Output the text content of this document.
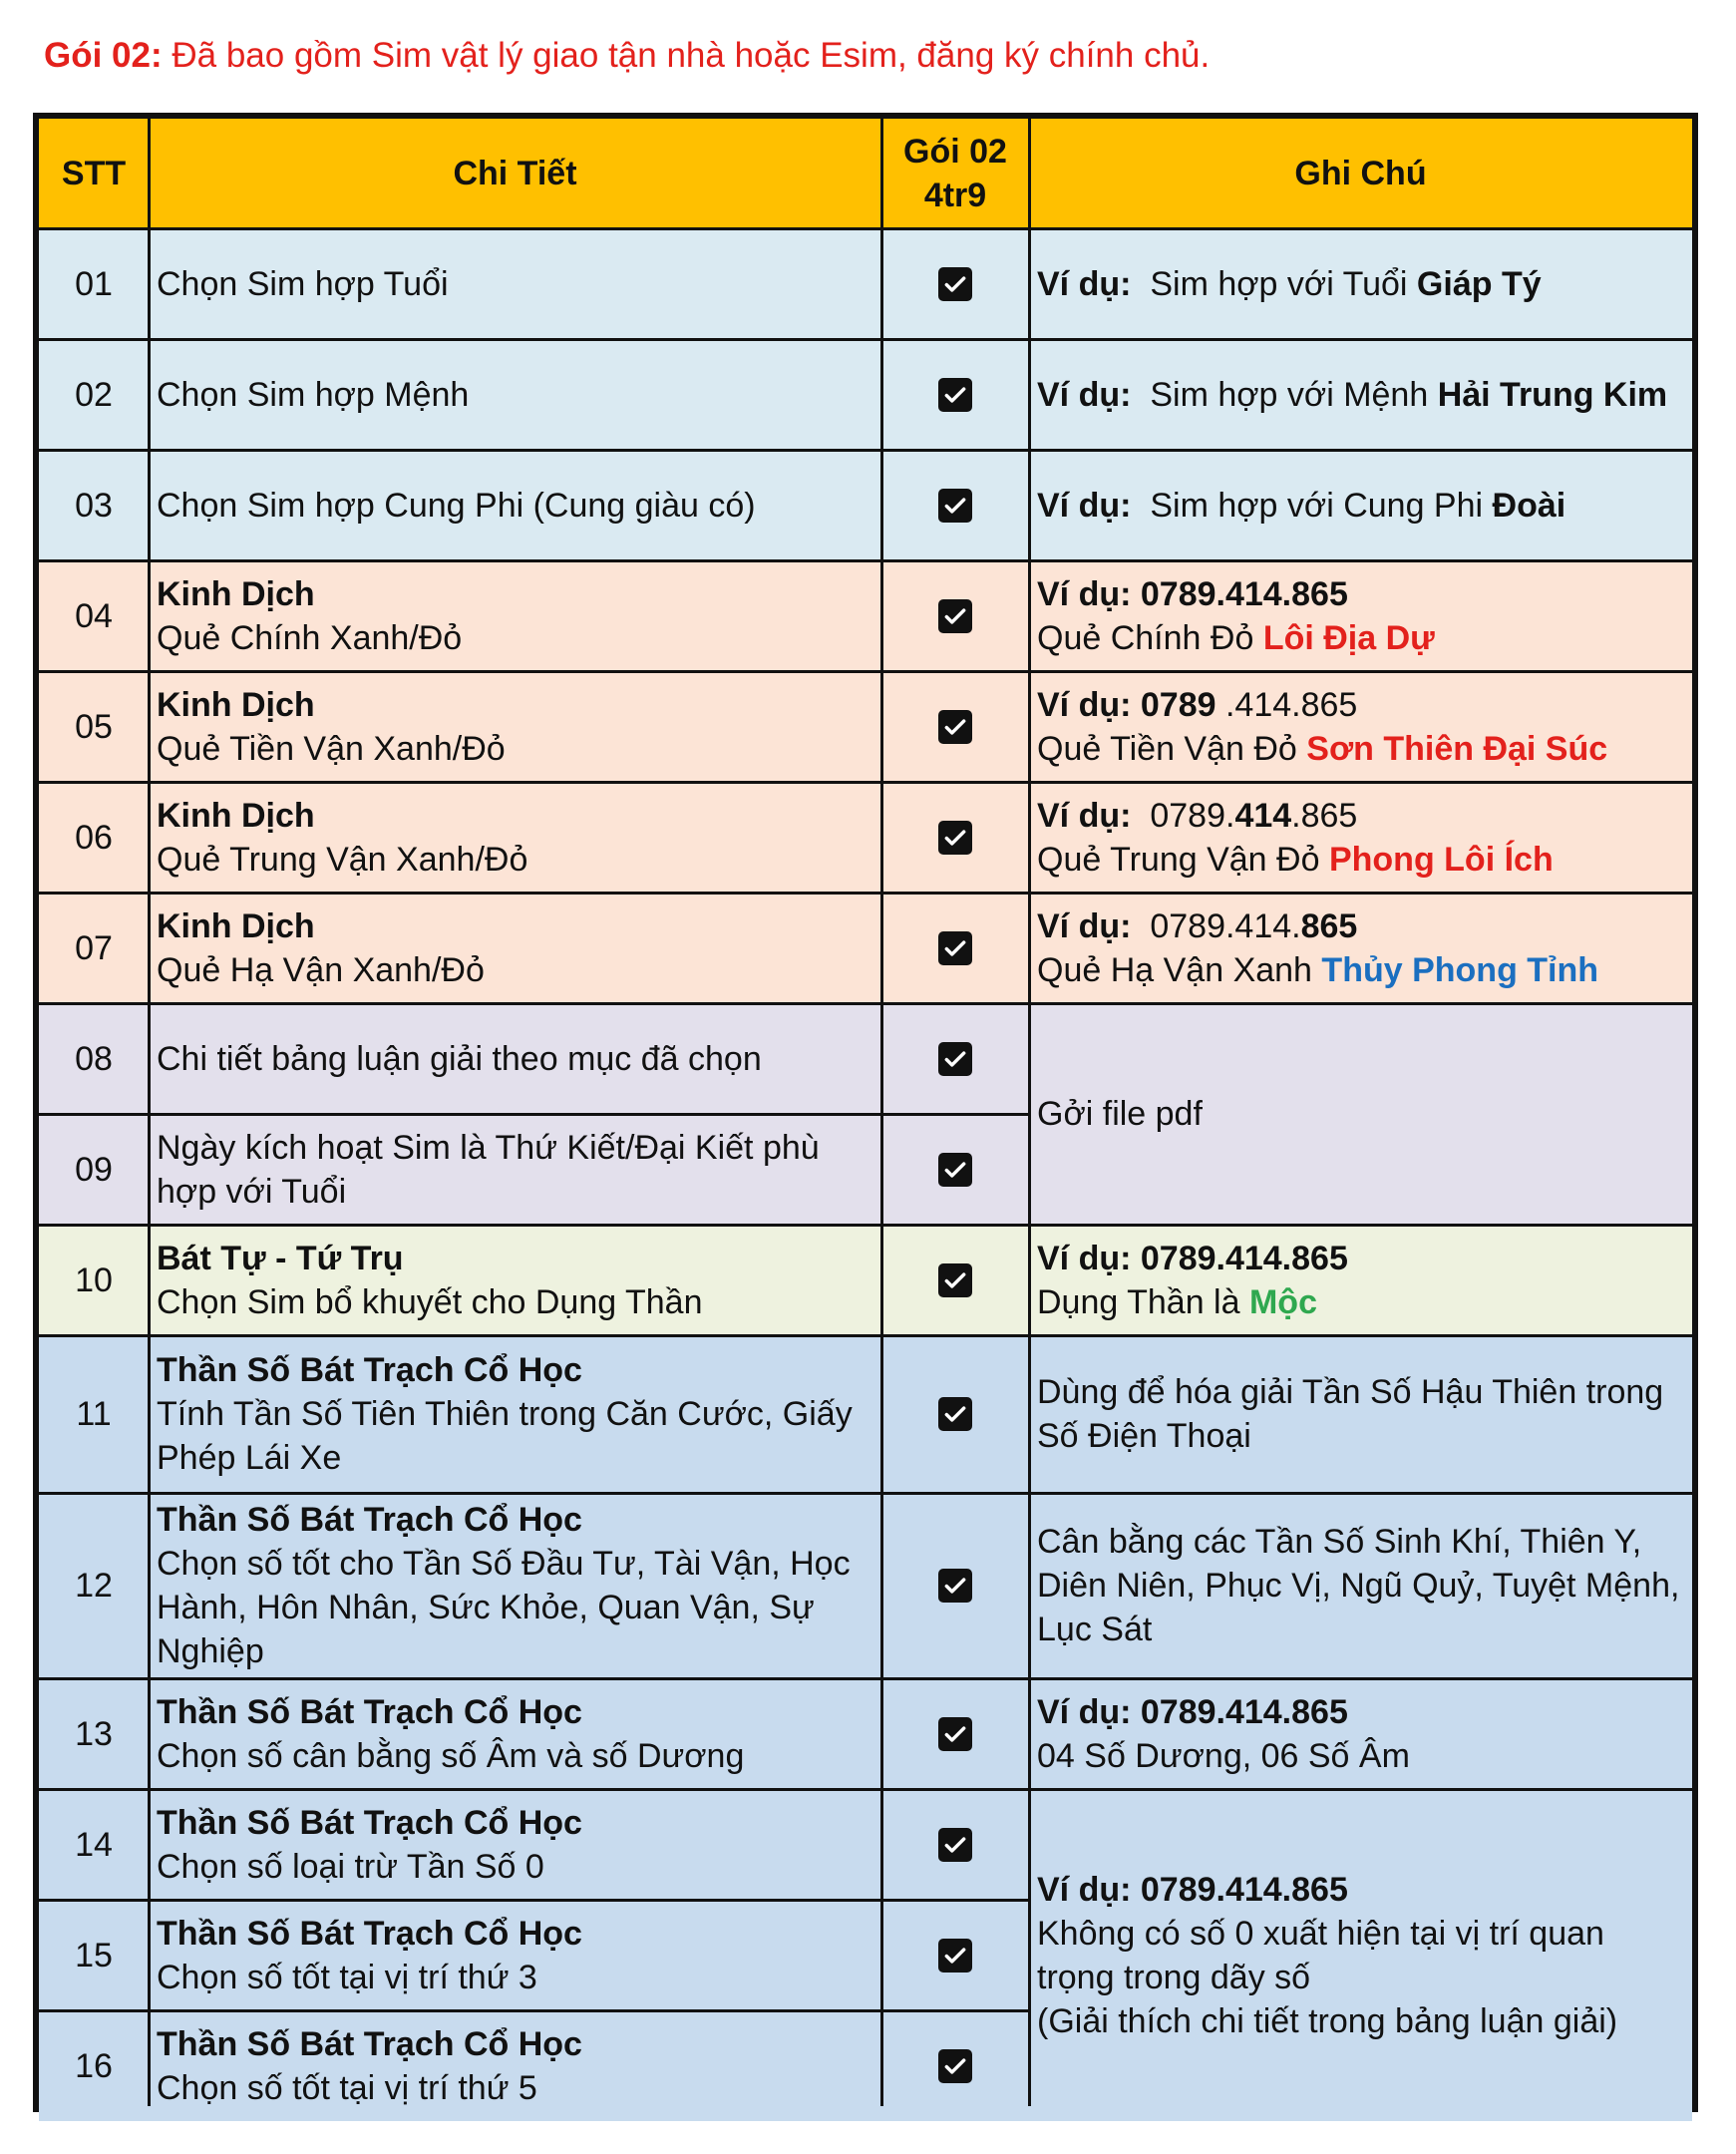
Gói 02: Đã bao gồm Sim vật lý giao tận nhà hoặc Esim, đăng ký chính chủ.
STT	Chi Tiết
Gói 02
4tr9
Ghi Chú
01 Chọn Sim hợp Tuổi
02 Chọn Sim hợp Mệnh
03 Chọn Sim hợp Cung Phi (Cung giàu có)
04
Kinh Dịch
Quẻ Chính Xanh/Đỏ
05
Kinh Dịch
Quẻ Tiền Vận Xanh/Đỏ
06
Kinh Dịch
Quẻ Trung Vận Xanh/Đỏ
07
Kinh Dịch
Quẻ Hạ Vận Xanh/Đỏ
08 Chi tiết bảng luận giải theo mục đã chọn
09
Ngày kích hoạt Sim là Thứ Kiết/Đại Kiết phù hợp với Tuổi
10
Bát Tự - Tứ Trụ
Chọn Sim bổ khuyết cho Dụng Thần
11
Thần Số Bát Trạch Cổ Học
Tính Tần Số Tiên Thiên trong Căn Cước, Giấy Phép Lái Xe
12
Thần Số Bát Trạch Cổ Học
Chọn số tốt cho Tần Số Đầu Tư, Tài Vận, Học Hành, Hôn Nhân, Sức Khỏe, Quan Vận, Sự Nghiệp
13
Thần Số Bát Trạch Cổ Học
Chọn số cân bằng số Âm và số Dương
14
Thần Số Bát Trạch Cổ Học
Chọn số loại trừ Tần Số 0
15
Thần Số Bát Trạch Cổ Học
Chọn số tốt tại vị trí thứ 3
16
Thần Số Bát Trạch Cổ Học
Chọn số tốt tại vị trí thứ 5
Ví dụ: Sim hợp với Tuổi Giáp Tý
Ví dụ: Sim hợp với Mệnh Hải Trung Kim
Ví dụ: Sim hợp với Cung Phi Đoài
Ví dụ: 0789.414.865
Quẻ Chính Đỏ Lôi Địa Dự
Ví dụ: 0789 .414.865
Quẻ Tiền Vận Đỏ Sơn Thiên Đại Súc
Ví dụ: 0789.414.865
Quẻ Trung Vận Đỏ Phong Lôi Ích
Ví dụ: 0789.414.865
Quẻ Hạ Vận Xanh Thủy Phong Tỉnh
Gởi file pdf
Ví dụ: 0789.414.865
Dụng Thần là Mộc
Dùng để hóa giải Tần Số Hậu Thiên trong Số Điện Thoại
Cân bằng các Tần Số Sinh Khí, Thiên Y, Diên Niên, Phục Vị, Ngũ Quỷ, Tuyệt Mệnh, Lục Sát
Ví dụ: 0789.414.865
04 Số Dương, 06 Số Âm
Ví dụ: 0789.414.865
Không có số 0 xuất hiện tại vị trí quan trọng trong dãy số
(Giải thích chi tiết trong bảng luận giải)
